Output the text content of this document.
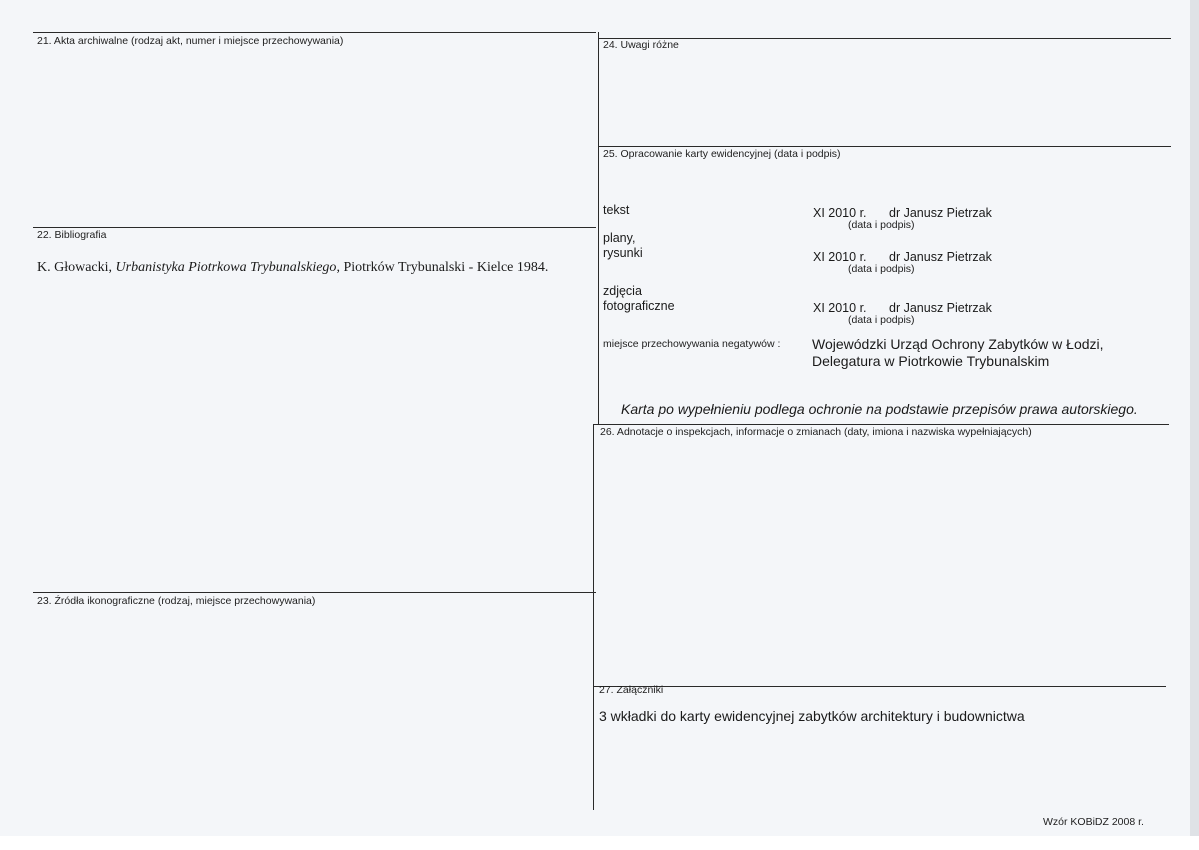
21. Akta archiwalne (rodzaj akt, numer i miejsce przechowywania)
22. Bibliografia
K. Głowacki, Urbanistyka Piotrkowa Trybunalskiego, Piotrków Trybunalski - Kielce 1984.
23. Źródła ikonograficzne (rodzaj, miejsce przechowywania)
24. Uwagi różne
25. Opracowanie karty ewidencyjnej (data i podpis)
tekst	XI 2010 r. dr Janusz Pietrzak
(data i podpis)
plany,
rysunki	XI 2010 r. dr Janusz Pietrzak
(data i podpis)
zdjęcia
fotograficzne	XI 2010 r. dr Janusz Pietrzak
(data i podpis)
miejsce przechowywania negatywów : Wojewódzki Urząd Ochrony Zabytków w Łodzi,
Delegatura w Piotrkowie Trybunalskim
Karta po wypełnieniu podlega ochronie na podstawie przepisów prawa autorskiego.
26. Adnotacje o inspekcjach, informacje o zmianach (daty, imiona i nazwiska wypełniających)
27. Załączniki
3 wkładki do karty ewidencyjnej zabytków architektury i budownictwa
Wzór KOBiDZ 2008 r.
